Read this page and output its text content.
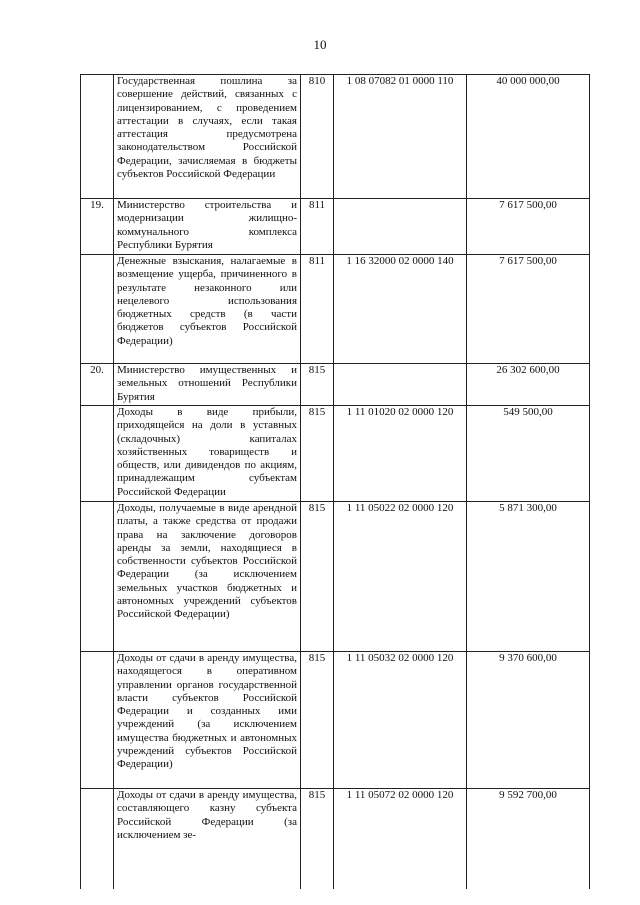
10
	Государственная пошлина за совершение действий, связанных с лицензированием, с проведением аттестации в случаях, если такая аттестация предусмотрена законодательством Российской Федерации, зачисляемая в бюджеты субъектов Российской Федерации	810	1 08 07082 01 0000 110	40 000 000,00
19.	Министерство строительства и модернизации жилищно-коммунального комплекса Республики Бурятия	811		7 617 500,00
	Денежные взыскания, налагаемые в возмещение ущерба, причиненного в результате незаконного или нецелевого использования бюджетных средств (в части бюджетов субъектов Российской Федерации)	811	1 16 32000 02 0000 140	7 617 500,00
20.	Министерство имущественных и земельных отношений Республики Бурятия	815		26 302 600,00
	Доходы в виде прибыли, приходящейся на доли в уставных (складочных) капиталах хозяйственных товариществ и обществ, или дивидендов по акциям, принадлежащим субъектам Российской Федерации	815	1 11 01020 02 0000 120	549 500,00
	Доходы, получаемые в виде арендной платы, а также средства от продажи права на заключение договоров аренды за земли, находящиеся в собственности субъектов Российской Федерации (за исключением земельных участков бюджетных и автономных учреждений субъектов Российской Федерации)	815	1 11 05022 02 0000 120	5 871 300,00
	Доходы от сдачи в аренду имущества, находящегося в оперативном управлении органов государственной власти субъектов Российской Федерации и созданных ими учреждений (за исключением имущества бюджетных и автономных учреждений субъектов Российской Федерации)	815	1 11 05032 02 0000 120	9 370 600,00
	Доходы от сдачи в аренду имущества, составляющего казну субъекта Российской Федерации (за исключением зе-	815	1 11 05072 02 0000 120	9 592 700,00
